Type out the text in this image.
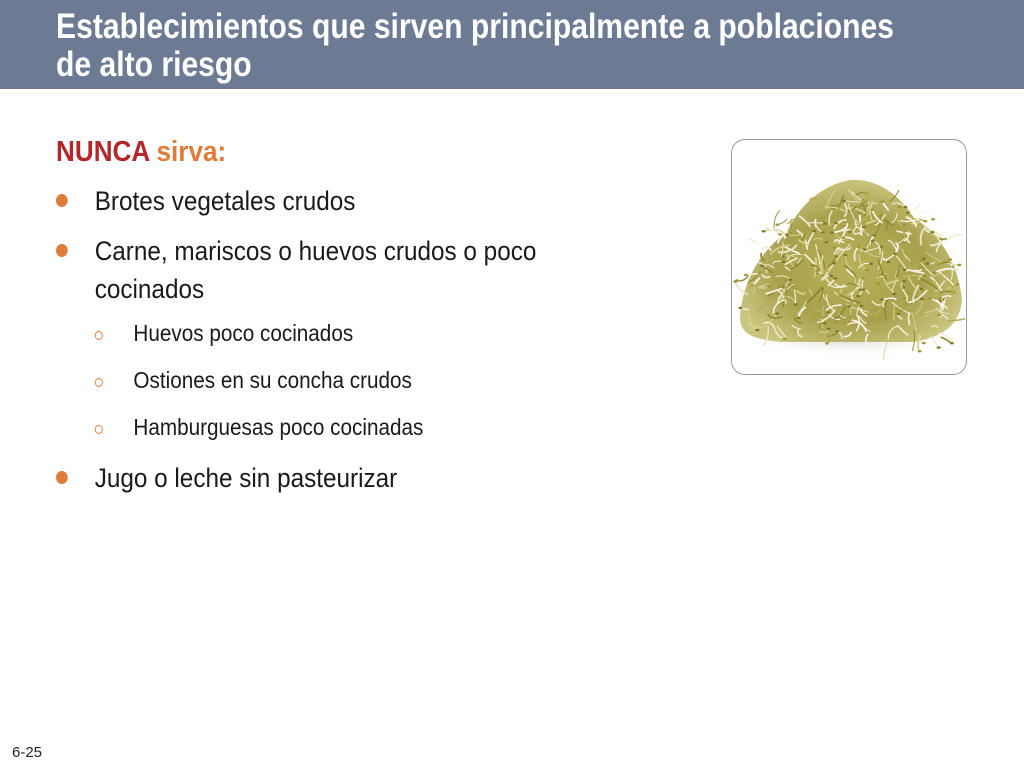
Establecimientos que sirven principalmente a poblaciones
de alto riesgo
NUNCA sirva:
Brotes vegetales crudos
Carne, mariscos o huevos crudos o poco cocinados
Huevos poco cocinados
Ostiones en su concha crudos
Hamburguesas poco cocinadas
Jugo o leche sin pasteurizar
6-25
